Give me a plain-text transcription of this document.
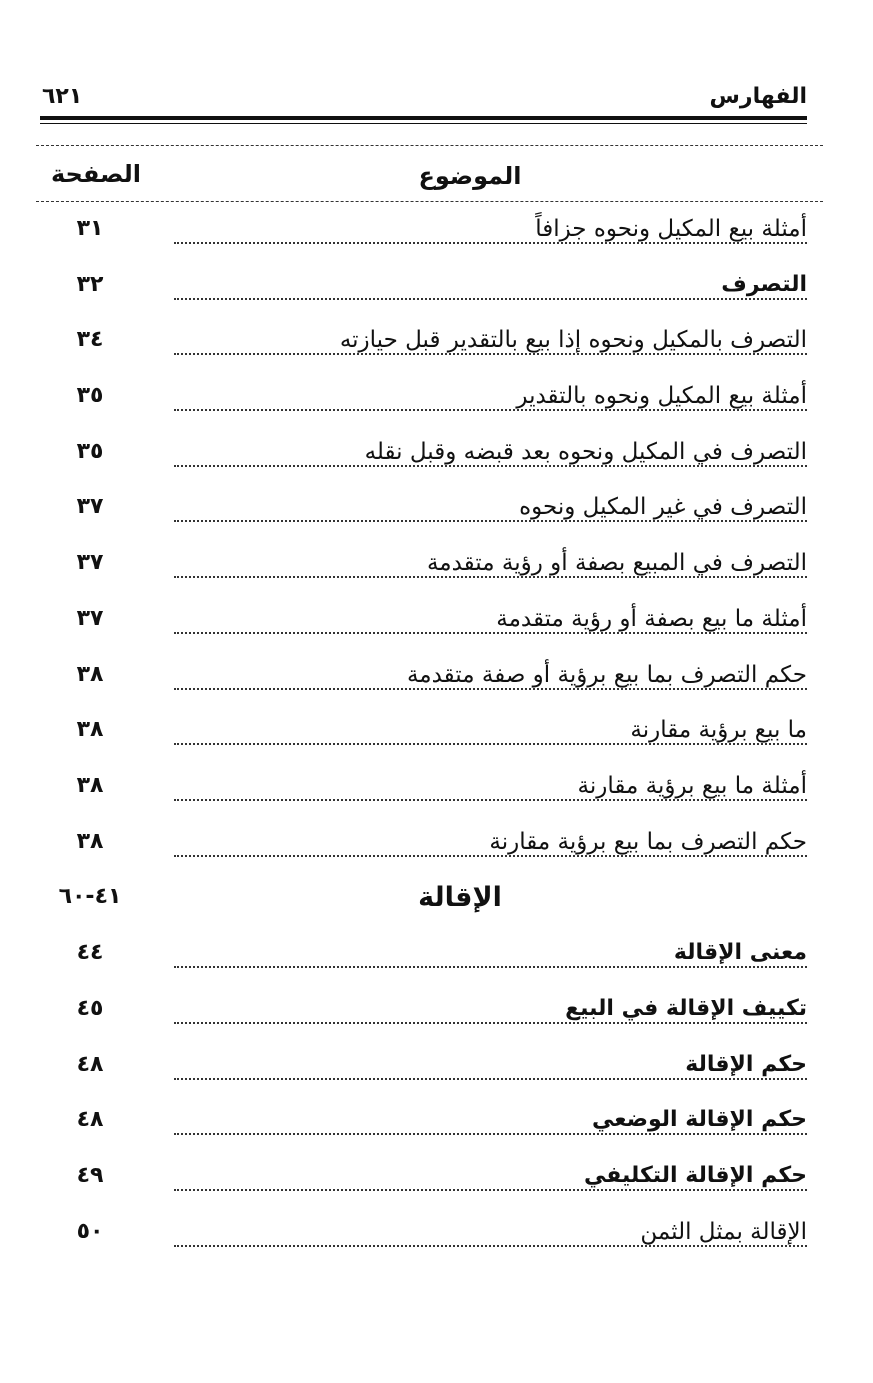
الفهارس
٦٢١
الموضوع
الصفحة
أمثلة بيع المكيل ونحوه جزافاً
٣١
التصرف
٣٢
التصرف بالمكيل ونحوه إذا بيع بالتقدير قبل حيازته
٣٤
أمثلة بيع المكيل ونحوه بالتقدير
٣٥
التصرف في المكيل ونحوه بعد قبضه وقبل نقله
٣٥
التصرف في غير المكيل ونحوه
٣٧
التصرف في المبيع بصفة أو رؤية متقدمة
٣٧
أمثلة ما بيع بصفة أو رؤية متقدمة
٣٧
حكم التصرف بما بيع برؤية أو صفة متقدمة
٣٨
ما بيع برؤية مقارنة
٣٨
أمثلة ما بيع برؤية مقارنة
٣٨
حكم التصرف بما بيع برؤية مقارنة
٣٨
الإقالة
٤١-٦٠
معنى الإقالة
٤٤
تكييف الإقالة في البيع
٤٥
حكم الإقالة
٤٨
حكم الإقالة الوضعي
٤٨
حكم الإقالة التكليفي
٤٩
الإقالة بمثل الثمن
٥٠
